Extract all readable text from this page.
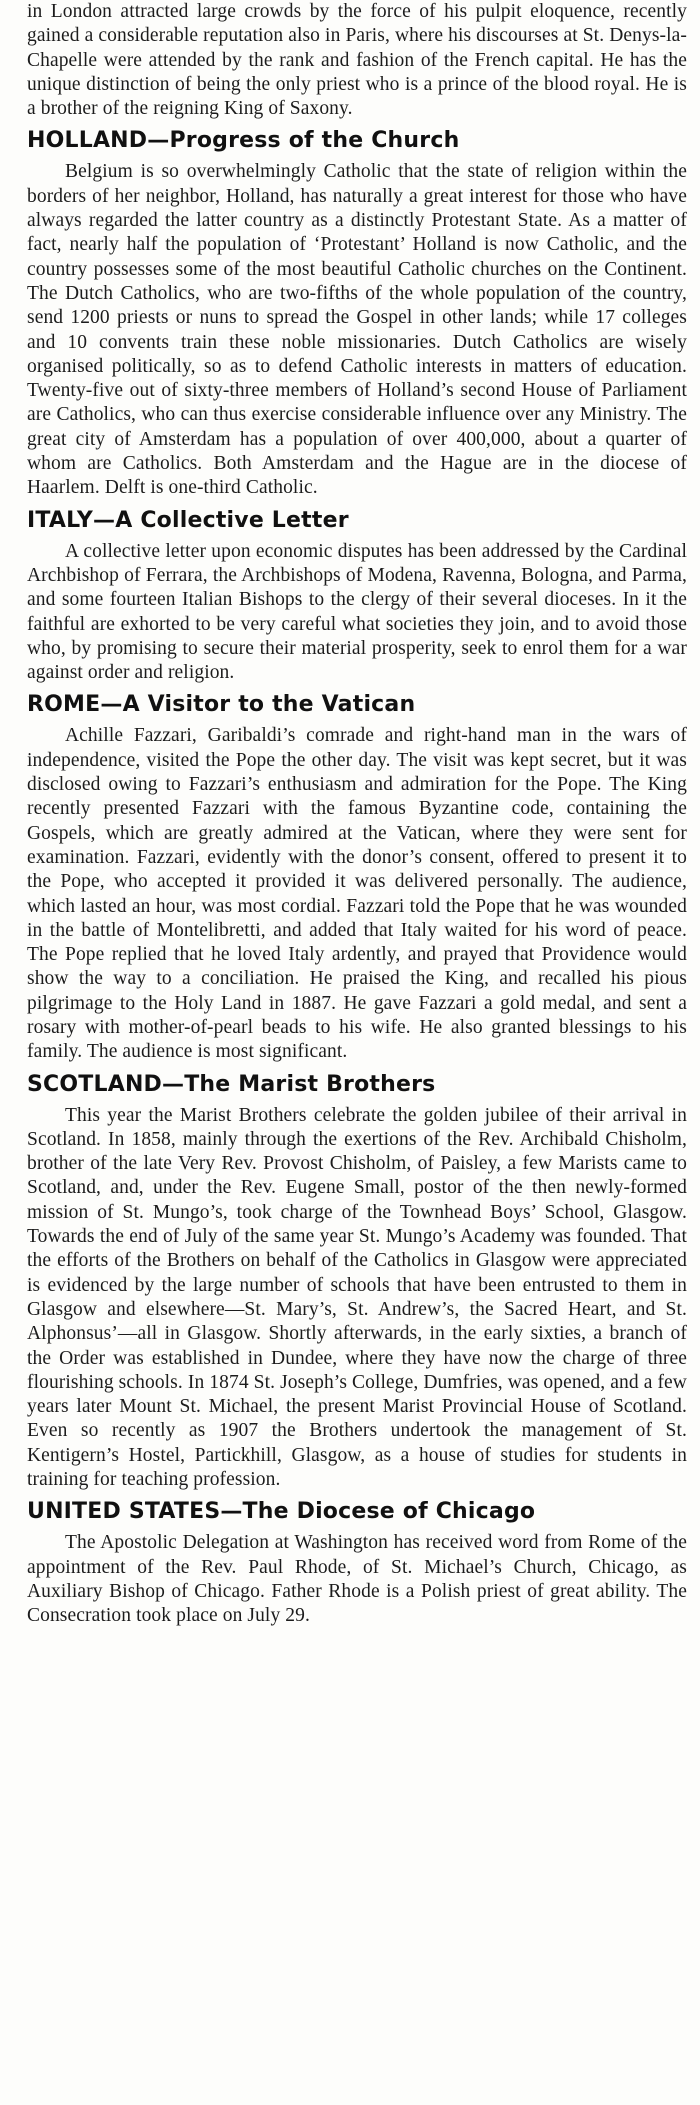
in London attracted large crowds by the force of his pulpit eloquence, recently gained a considerable reputation also in Paris, where his discourses at St. Denys-la-Chapelle were attended by the rank and fashion of the French capital. He has the unique distinction of being the only priest who is a prince of the blood royal. He is a brother of the reigning King of Saxony.

HOLLAND—Progress of the Church

Belgium is so overwhelmingly Catholic that the state of religion within the borders of her neighbor, Holland, has naturally a great interest for those who have always regarded the latter country as a distinctly Protestant State. As a matter of fact, nearly half the population of ‘Protestant’ Holland is now Catholic, and the country possesses some of the most beautiful Catholic churches on the Continent. The Dutch Catholics, who are two-fifths of the whole population of the country, send 1200 priests or nuns to spread the Gospel in other lands; while 17 colleges and 10 convents train these noble missionaries. Dutch Catholics are wisely organised politically, so as to defend Catholic interests in matters of education. Twenty-five out of sixty-three members of Holland’s second House of Parliament are Catholics, who can thus exercise considerable influence over any Ministry. The great city of Amsterdam has a population of over 400,000, about a quarter of whom are Catholics. Both Amsterdam and the Hague are in the diocese of Haarlem. Delft is one-third Catholic.

ITALY—A Collective Letter

A collective letter upon economic disputes has been addressed by the Cardinal Archbishop of Ferrara, the Archbishops of Modena, Ravenna, Bologna, and Parma, and some fourteen Italian Bishops to the clergy of their several dioceses. In it the faithful are exhorted to be very careful what societies they join, and to avoid those who, by promising to secure their material prosperity, seek to enrol them for a war against order and religion.

ROME—A Visitor to the Vatican

Achille Fazzari, Garibaldi’s comrade and right-hand man in the wars of independence, visited the Pope the other day. The visit was kept secret, but it was disclosed owing to Fazzari’s enthusiasm and admiration for the Pope. The King recently presented Fazzari with the famous Byzantine code, containing the Gospels, which are greatly admired at the Vatican, where they were sent for examination. Fazzari, evidently with the donor’s consent, offered to present it to the Pope, who accepted it provided it was delivered personally. The audience, which lasted an hour, was most cordial. Fazzari told the Pope that he was wounded in the battle of Montelibretti, and added that Italy waited for his word of peace. The Pope replied that he loved Italy ardently, and prayed that Providence would show the way to a conciliation. He praised the King, and recalled his pious pilgrimage to the Holy Land in 1887. He gave Fazzari a gold medal, and sent a rosary with mother-of-pearl beads to his wife. He also granted blessings to his family. The audience is most significant.

SCOTLAND—The Marist Brothers

This year the Marist Brothers celebrate the golden jubilee of their arrival in Scotland. In 1858, mainly through the exertions of the Rev. Archibald Chisholm, brother of the late Very Rev. Provost Chisholm, of Paisley, a few Marists came to Scotland, and, under the Rev. Eugene Small, postor of the then newly-formed mission of St. Mungo’s, took charge of the Townhead Boys’ School, Glasgow. Towards the end of July of the same year St. Mungo’s Academy was founded. That the efforts of the Brothers on behalf of the Catholics in Glasgow were appreciated is evidenced by the large number of schools that have been entrusted to them in Glasgow and elsewhere—St. Mary’s, St. Andrew’s, the Sacred Heart, and St. Alphonsus’—all in Glasgow. Shortly afterwards, in the early sixties, a branch of the Order was established in Dundee, where they have now the charge of three flourishing schools. In 1874 St. Joseph’s College, Dumfries, was opened, and a few years later Mount St. Michael, the present Marist Provincial House of Scotland. Even so recently as 1907 the Brothers undertook the management of St. Kentigern’s Hostel, Partickhill, Glasgow, as a house of studies for students in training for teaching profession.

UNITED STATES—The Diocese of Chicago

The Apostolic Delegation at Washington has received word from Rome of the appointment of the Rev. Paul Rhode, of St. Michael’s Church, Chicago, as Auxiliary Bishop of Chicago. Father Rhode is a Polish priest of great ability. The Consecration took place on July 29.
